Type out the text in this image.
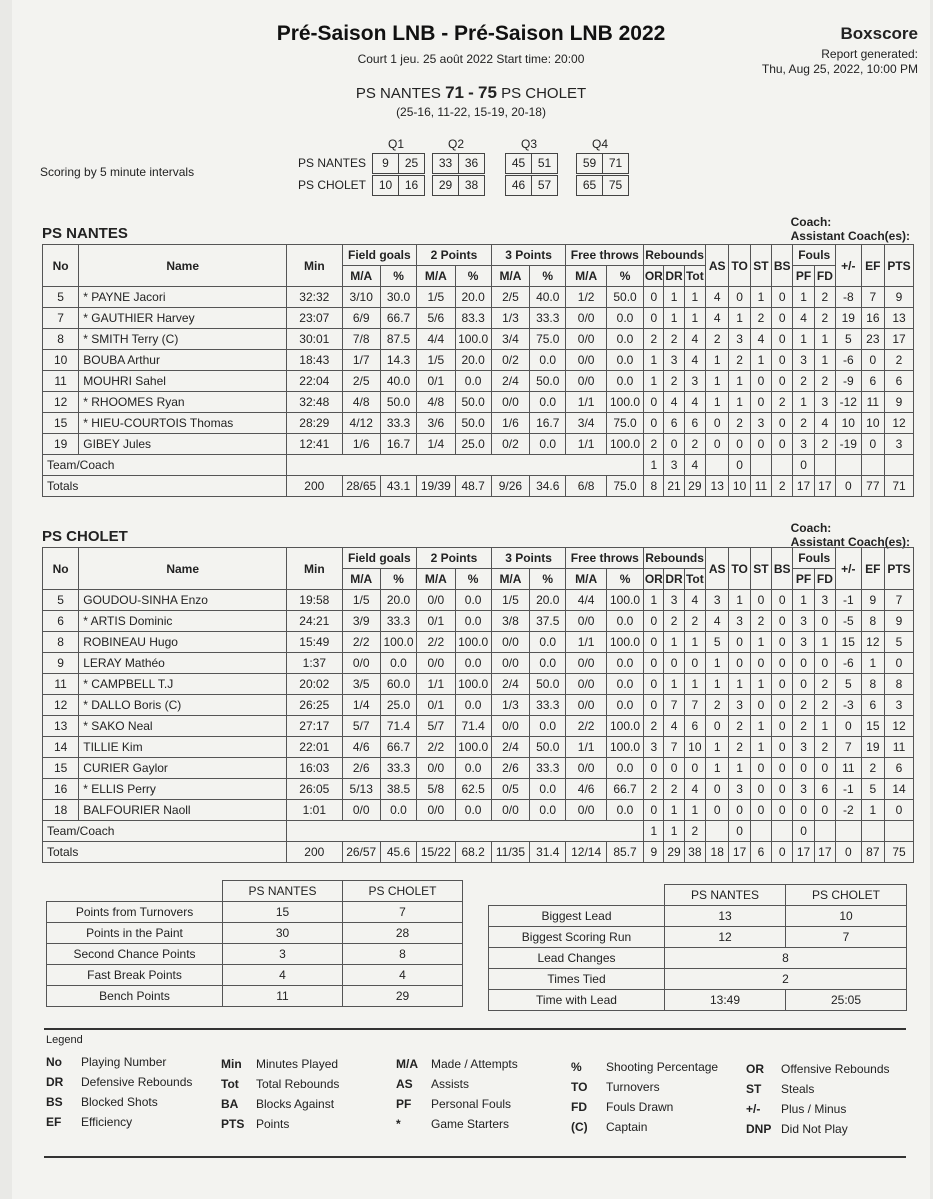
Pré-Saison LNB - Pré-Saison LNB 2022
Court 1 jeu. 25 août 2022 Start time: 20:00
Boxscore
Report generated:
Thu, Aug 25, 2022, 10:00 PM
PS NANTES 71 - 75 PS CHOLET
(25-16, 11-22, 15-19, 20-18)
Scoring by 5 minute intervals
Q1	Q2	Q3	Q4
PS NANTES	9	25	33	36	45	51	59	71
PS CHOLET	10	16	29	38	46	57	65	75
PS NANTES
Coach:
Assistant Coach(es):
No	Name	Min	Field goals		2 Points		3 Points		Free throws		Rebounds			AS	TO	ST	BS	Fouls		+/-	EF	PTS
			M/A	%	M/A	%	M/A	%	M/A	%	OR	DR	Tot					PF	FD			
5	* PAYNE Jacori	32:32	3/10	30.0	1/5	20.0	2/5	40.0	1/2	50.0	0	1	1	4	0	1	0	1	2	-8	7	9
7	* GAUTHIER Harvey	23:07	6/9	66.7	5/6	83.3	1/3	33.3	0/0	0.0	0	1	1	4	1	2	0	4	2	19	16	13
8	* SMITH Terry (C)	30:01	7/8	87.5	4/4	100.0	3/4	75.0	0/0	0.0	2	2	4	2	3	4	0	1	1	5	23	17
10	BOUBA Arthur	18:43	1/7	14.3	1/5	20.0	0/2	0.0	0/0	0.0	1	3	4	1	2	1	0	3	1	-6	0	2
11	MOUHRI Sahel	22:04	2/5	40.0	0/1	0.0	2/4	50.0	0/0	0.0	1	2	3	1	1	0	0	2	2	-9	6	6
12	* RHOOMES Ryan	32:48	4/8	50.0	4/8	50.0	0/0	0.0	1/1	100.0	0	4	4	1	1	0	2	1	3	-12	11	9
15	* HIEU-COURTOIS Thomas	28:29	4/12	33.3	3/6	50.0	1/6	16.7	3/4	75.0	0	6	6	0	2	3	0	2	4	10	10	12
19	GIBEY Jules	12:41	1/6	16.7	1/4	25.0	0/2	0.0	1/1	100.0	2	0	2	0	0	0	0	3	2	-19	0	3
Team/Coach											1	3	4		0			0				
Totals		200	28/65	43.1	19/39	48.7	9/26	34.6	6/8	75.0	8	21	29	13	10	11	2	17	17	0	77	71
PS CHOLET	Coach:
Assistant Coach(es):
No	Name	Min	Field goals		2 Points		3 Points		Free throws		Rebounds			AS	TO	ST	BS	Fouls		+/-	EF	PTS
			M/A	%	M/A	%	M/A	%	M/A	%	OR	DR	Tot					PF	FD			
5	GOUDOU-SINHA Enzo	19:58	1/5	20.0	0/0	0.0	1/5	20.0	4/4	100.0	1	3	4	3	1	0	0	1	3	-1	9	7
6	* ARTIS Dominic	24:21	3/9	33.3	0/1	0.0	3/8	37.5	0/0	0.0	0	2	2	4	3	2	0	3	0	-5	8	9
8	ROBINEAU Hugo	15:49	2/2	100.0	2/2	100.0	0/0	0.0	1/1	100.0	0	1	1	5	0	1	0	3	1	15	12	5
9	LERAY Mathéo	1:37	0/0	0.0	0/0	0.0	0/0	0.0	0/0	0.0	0	0	0	1	0	0	0	0	0	-6	1	0
11	* CAMPBELL T.J	20:02	3/5	60.0	1/1	100.0	2/4	50.0	0/0	0.0	0	1	1	1	1	1	0	0	2	5	8	8
12	* DALLO Boris (C)	26:25	1/4	25.0	0/1	0.0	1/3	33.3	0/0	0.0	0	7	7	2	3	0	0	2	2	-3	6	3
13	* SAKO Neal	27:17	5/7	71.4	5/7	71.4	0/0	0.0	2/2	100.0	2	4	6	0	2	1	0	2	1	0	15	12
14	TILLIE Kim	22:01	4/6	66.7	2/2	100.0	2/4	50.0	1/1	100.0	3	7	10	1	2	1	0	3	2	7	19	11
15	CURIER Gaylor	16:03	2/6	33.3	0/0	0.0	2/6	33.3	0/0	0.0	0	0	0	1	1	0	0	0	0	11	2	6
16	* ELLIS Perry	26:05	5/13	38.5	5/8	62.5	0/5	0.0	4/6	66.7	2	2	4	0	3	0	0	3	6	-1	5	14
18	BALFOURIER Naoll	1:01	0/0	0.0	0/0	0.0	0/0	0.0	0/0	0.0	0	1	1	0	0	0	0	0	0	-2	1	0
Team/Coach											1	1	2		0			0				
Totals		200	26/57	45.6	15/22	68.2	11/35	31.4	12/14	85.7	9	29	38	18	17	6	0	17	17	0	87	75
	PS NANTES	PS CHOLET
Points from Turnovers	15	7
Points in the Paint	30	28
Second Chance Points	3	8
Fast Break Points	4	4
Bench Points	11	29
	PS NANTES	PS CHOLET
Biggest Lead	13	10
Biggest Scoring Run	12	7
Lead Changes	8	
Times Tied	2	
Time with Lead	13:49	25:05
Legend
No Playing Number
DR Defensive Rebounds
BS Blocked Shots
EF Efficiency
Min Minutes Played
Tot Total Rebounds
BA Blocks Against
PTS Points
M/A Made / Attempts
AS Assists
PF Personal Fouls
*	Game Starters
% Shooting Percentage
TO Turnovers
FD Fouls Drawn
(C) Captain
OR Offensive Rebounds
ST Steals
+/- Plus / Minus
DNP Did Not Play
